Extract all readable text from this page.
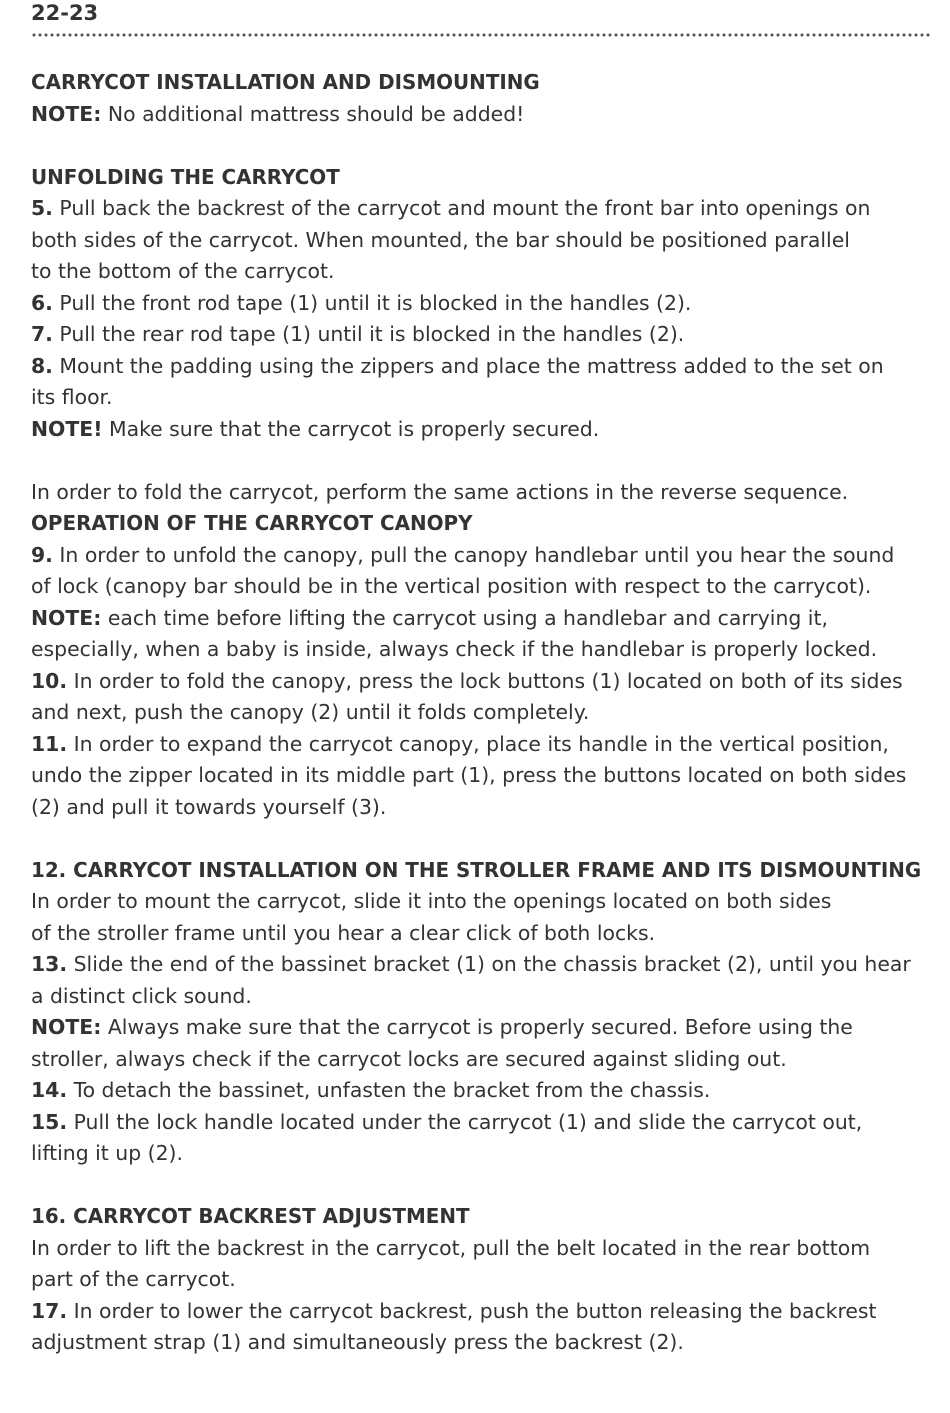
22-23
CARRYCOT INSTALLATION AND DISMOUNTING
NOTE: No additional mattress should be added!
UNFOLDING THE CARRYCOT
5. Pull back the backrest of the carrycot and mount the front bar into openings on
both sides of the carrycot. When mounted, the bar should be positioned parallel
to the bottom of the carrycot.
6. Pull the front rod tape (1) until it is blocked in the handles (2).
7. Pull the rear rod tape (1) until it is blocked in the handles (2).
8. Mount the padding using the zippers and place the mattress added to the set on
its floor.
NOTE! Make sure that the carrycot is properly secured.
In order to fold the carrycot, perform the same actions in the reverse sequence.
OPERATION OF THE CARRYCOT CANOPY
9. In order to unfold the canopy, pull the canopy handlebar until you hear the sound
of lock (canopy bar should be in the vertical position with respect to the carrycot).
NOTE: each time before lifting the carrycot using a handlebar and carrying it,
especially, when a baby is inside, always check if the handlebar is properly locked.
10. In order to fold the canopy, press the lock buttons (1) located on both of its sides
and next, push the canopy (2) until it folds completely.
11. In order to expand the carrycot canopy, place its handle in the vertical position,
undo the zipper located in its middle part (1), press the buttons located on both sides
(2) and pull it towards yourself (3).
12. CARRYCOT INSTALLATION ON THE STROLLER FRAME AND ITS DISMOUNTING
In order to mount the carrycot, slide it into the openings located on both sides
of the stroller frame until you hear a clear click of both locks.
13. Slide the end of the bassinet bracket (1) on the chassis bracket (2), until you hear
a distinct click sound.
NOTE: Always make sure that the carrycot is properly secured. Before using the
stroller, always check if the carrycot locks are secured against sliding out.
14. To detach the bassinet, unfasten the bracket from the chassis.
15. Pull the lock handle located under the carrycot (1) and slide the carrycot out,
lifting it up (2).
16. CARRYCOT BACKREST ADJUSTMENT
In order to lift the backrest in the carrycot, pull the belt located in the rear bottom
part of the carrycot.
17. In order to lower the carrycot backrest, push the button releasing the backrest
adjustment strap (1) and simultaneously press the backrest (2).
